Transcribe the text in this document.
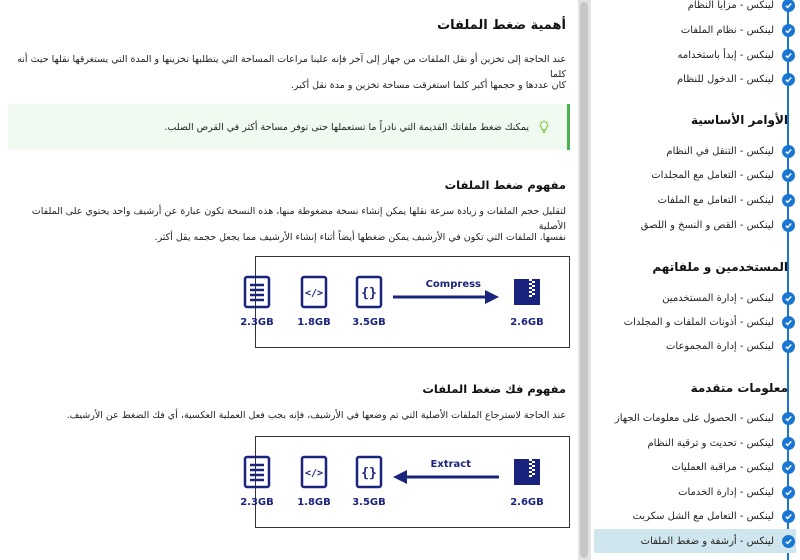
أهمية ضغط الملفات
عند الحاجة إلى تخزين أو نقل الملفات من جهاز إلى آخر فإنه علينا مراعات المساحة التي يتطلبها تخزينها و المدة التي يستغرقها نقلها حيث أنه كلما
كان عددها و حجمها أكبر كلما استغرقت مساحة تخزين و مدة نقل أكبر.
يمكنك ضغط ملفاتك القديمة التي نادراً ما تستعملها حتى توفر مساحة أكثر في القرص الصلب.
مفهوم ضغط الملفات
لتقليل حجم الملفات و زيادة سرعة نقلها يمكن إنشاء نسخة مضغوطة منها، هذه النسخة تكون عبارة عن أرشيف واحد يحتوي على الملفات الأصلية
نفسها. الملفات التي تكون في الأرشيف يمكن ضغطها أيضاً أثناء إنشاء الأرشيف مما يجعل حجمه يقل أكثر.
2.6GB
Compress
{}
3.5GB
</>
1.8GB
2.3GB
مفهوم فك ضغط الملفات
عند الحاجة لاسترجاع الملفات الأصلية التي تم وضعها في الأرشيف، فإنه يجب فعل العملية العكسية، أي فك الضغط عن الأرشيف.
2.6GB
Extract
{}
3.5GB
</>
1.8GB
2.3GB
لينكس - مزايا النظام
لينكس - نظام الملفات
لينكس - إبدأ باستخدامه
لينكس - الدخول للنظام
الأوامر الأساسية
لينكس - التنقل في النظام
لينكس - التعامل مع المجلدات
لينكس - التعامل مع الملفات
لينكس - القص و النسخ و اللصق
المستخدمين و ملفاتهم
لينكس - إدارة المستخدمين
لينكس - أذونات الملفات و المجلدات
لينكس - إدارة المجموعات
معلومات متقدمة
لينكس - الحصول على معلومات الجهاز
لينكس - تحديث و ترقية النظام
لينكس - مراقبة العمليات
لينكس - إدارة الخدمات
لينكس - التعامل مع الشل سكربت
لينكس - أرشفة و ضغط الملفات
